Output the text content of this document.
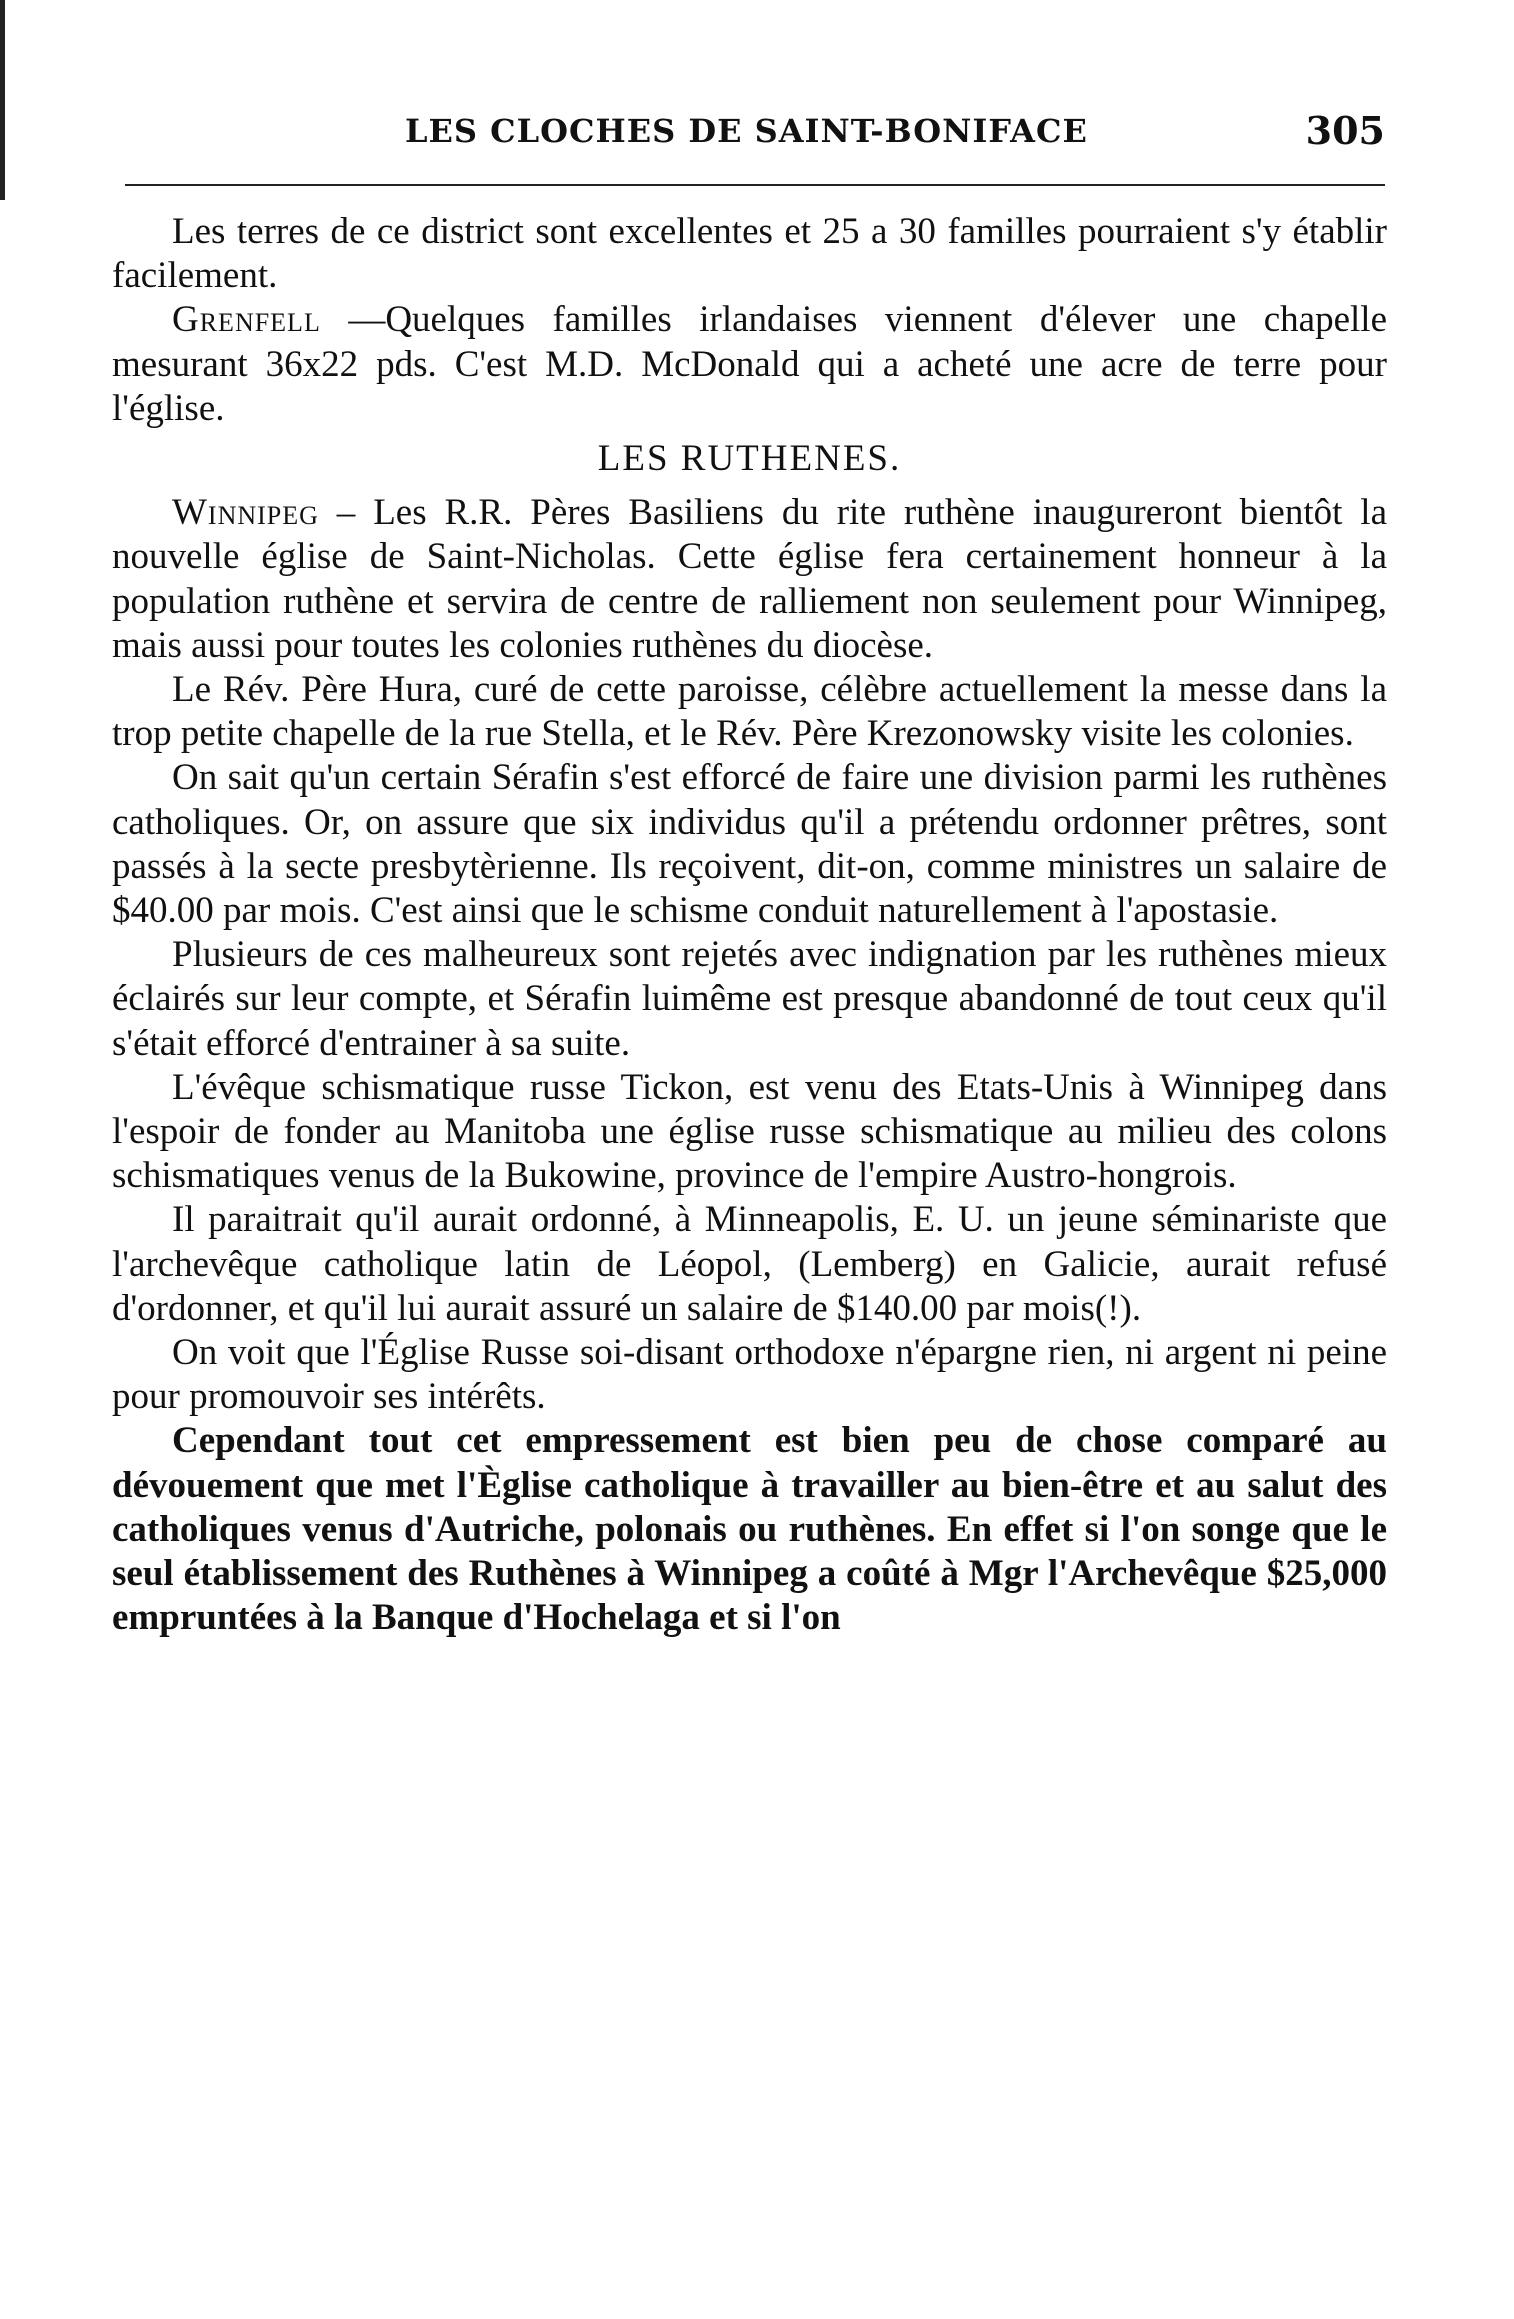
LES CLOCHES DE SAINT-BONIFACE	305

Les terres de ce district sont excellentes et 25 a 30 familles pourraient s'y établir facilement.

Grenfell —Quelques familles irlandaises viennent d'élever une chapelle mesurant 36x22 pds. C'est M.D. McDonald qui a acheté une acre de terre pour l'église.

LES RUTHENES.

Winnipeg – Les R.R. Pères Basiliens du rite ruthène inaugureront bientôt la nouvelle église de Saint-Nicholas. Cette église fera certainement honneur à la population ruthène et servira de centre de ralliement non seulement pour Winnipeg, mais aussi pour toutes les colonies ruthènes du diocèse.

Le Rév. Père Hura, curé de cette paroisse, célèbre actuellement la messe dans la trop petite chapelle de la rue Stella, et le Rév. Père Krezonowsky visite les colonies.

On sait qu'un certain Sérafin s'est efforcé de faire une division parmi les ruthènes catholiques. Or, on assure que six individus qu'il a prétendu ordonner prêtres, sont passés à la secte presbytèrienne. Ils reçoivent, dit-on, comme ministres un salaire de $40.00 par mois. C'est ainsi que le schisme conduit naturellement à l'apostasie.

Plusieurs de ces malheureux sont rejetés avec indignation par les ruthènes mieux éclairés sur leur compte, et Sérafin luimême est presque abandonné de tout ceux qu'il s'était efforcé d'entrainer à sa suite.

L'évêque schismatique russe Tickon, est venu des Etats-Unis à Winnipeg dans l'espoir de fonder au Manitoba une église russe schismatique au milieu des colons schismatiques venus de la Bukowine, province de l'empire Austro-hongrois.

Il paraitrait qu'il aurait ordonné, à Minneapolis, E. U. un jeune séminariste que l'archevêque catholique latin de Léopol, (Lemberg) en Galicie, aurait refusé d'ordonner, et qu'il lui aurait assuré un salaire de $140.00 par mois(!).

On voit que l'Église Russe soi-disant orthodoxe n'épargne rien, ni argent ni peine pour promouvoir ses intérêts.

Cependant tout cet empressement est bien peu de chose comparé au dévouement que met l'Èglise catholique à travailler au bien-être et au salut des catholiques venus d'Autriche, polonais ou ruthènes. En effet si l'on songe que le seul établissement des Ruthènes à Winnipeg a coûté à Mgr l'Archevêque $25,000 empruntées à la Banque d'Hochelaga et si l'on
